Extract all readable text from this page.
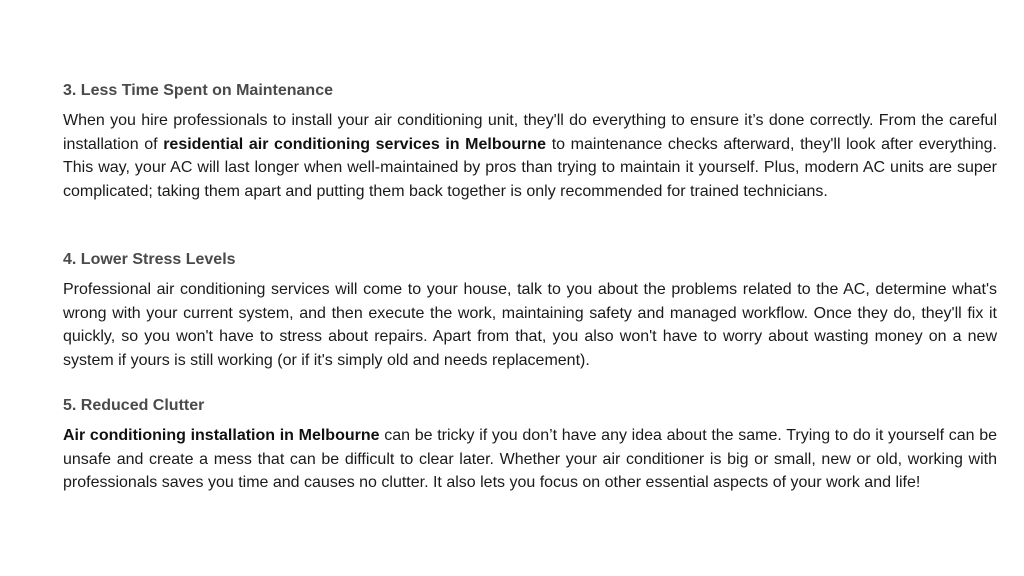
3. Less Time Spent on Maintenance

When you hire professionals to install your air conditioning unit, they'll do everything to ensure it’s done correctly. From the careful installation of residential air conditioning services in Melbourne to maintenance checks afterward, they'll look after everything. This way, your AC will last longer when well-maintained by pros than trying to maintain it yourself. Plus, modern AC units are super complicated; taking them apart and putting them back together is only recommended for trained technicians.

4. Lower Stress Levels

Professional air conditioning services will come to your house, talk to you about the problems related to the AC, determine what's wrong with your current system, and then execute the work, maintaining safety and managed workflow. Once they do, they'll fix it quickly, so you won't have to stress about repairs. Apart from that, you also won't have to worry about wasting money on a new system if yours is still working (or if it's simply old and needs replacement).

5. Reduced Clutter

Air conditioning installation in Melbourne can be tricky if you don’t have any idea about the same. Trying to do it yourself can be unsafe and create a mess that can be difficult to clear later. Whether your air conditioner is big or small, new or old, working with professionals saves you time and causes no clutter. It also lets you focus on other essential aspects of your work and life!
